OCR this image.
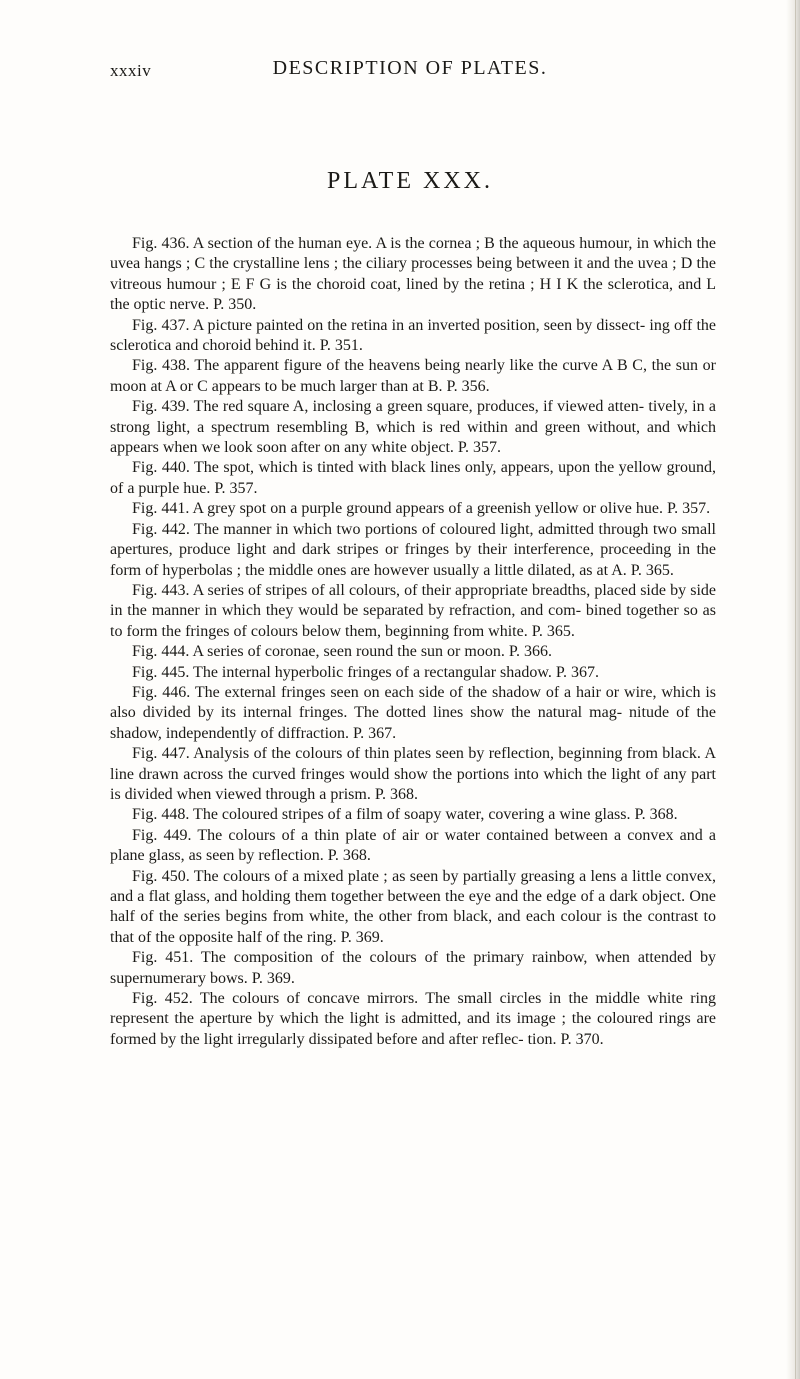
xxxiv	DESCRIPTION OF PLATES.
PLATE XXX.

Fig. 436. A section of the human eye. A is the cornea ; B the aqueous humour, in which the uvea hangs ; C the crystalline lens ; the ciliary processes being between it and the uvea ; D the vitreous humour ; E F G is the choroid coat, lined by the retina ; H I K the sclerotica, and L the optic nerve. P. 350.

Fig. 437. A picture painted on the retina in an inverted position, seen by dissect- ing off the sclerotica and choroid behind it. P. 351.

Fig. 438. The apparent figure of the heavens being nearly like the curve A B C, the sun or moon at A or C appears to be much larger than at B. P. 356.

Fig. 439. The red square A, inclosing a green square, produces, if viewed atten- tively, in a strong light, a spectrum resembling B, which is red within and green without, and which appears when we look soon after on any white object. P. 357.

Fig. 440. The spot, which is tinted with black lines only, appears, upon the yellow ground, of a purple hue. P. 357.

Fig. 441. A grey spot on a purple ground appears of a greenish yellow or olive hue. P. 357.

Fig. 442. The manner in which two portions of coloured light, admitted through two small apertures, produce light and dark stripes or fringes by their interference, proceeding in the form of hyperbolas ; the middle ones are however usually a little dilated, as at A. P. 365.

Fig. 443. A series of stripes of all colours, of their appropriate breadths, placed side by side in the manner in which they would be separated by refraction, and com- bined together so as to form the fringes of colours below them, beginning from white. P. 365.

Fig. 444. A series of coronae, seen round the sun or moon. P. 366.

Fig. 445. The internal hyperbolic fringes of a rectangular shadow. P. 367.

Fig. 446. The external fringes seen on each side of the shadow of a hair or wire, which is also divided by its internal fringes. The dotted lines show the natural mag- nitude of the shadow, independently of diffraction. P. 367.

Fig. 447. Analysis of the colours of thin plates seen by reflection, beginning from black. A line drawn across the curved fringes would show the portions into which the light of any part is divided when viewed through a prism. P. 368.

Fig. 448. The coloured stripes of a film of soapy water, covering a wine glass. P. 368.

Fig. 449. The colours of a thin plate of air or water contained between a convex and a plane glass, as seen by reflection. P. 368.

Fig. 450. The colours of a mixed plate ; as seen by partially greasing a lens a little convex, and a flat glass, and holding them together between the eye and the edge of a dark object. One half of the series begins from white, the other from black, and each colour is the contrast to that of the opposite half of the ring. P. 369.

Fig. 451. The composition of the colours of the primary rainbow, when attended by supernumerary bows. P. 369.

Fig. 452. The colours of concave mirrors. The small circles in the middle white ring represent the aperture by which the light is admitted, and its image ; the coloured rings are formed by the light irregularly dissipated before and after reflec- tion. P. 370.
